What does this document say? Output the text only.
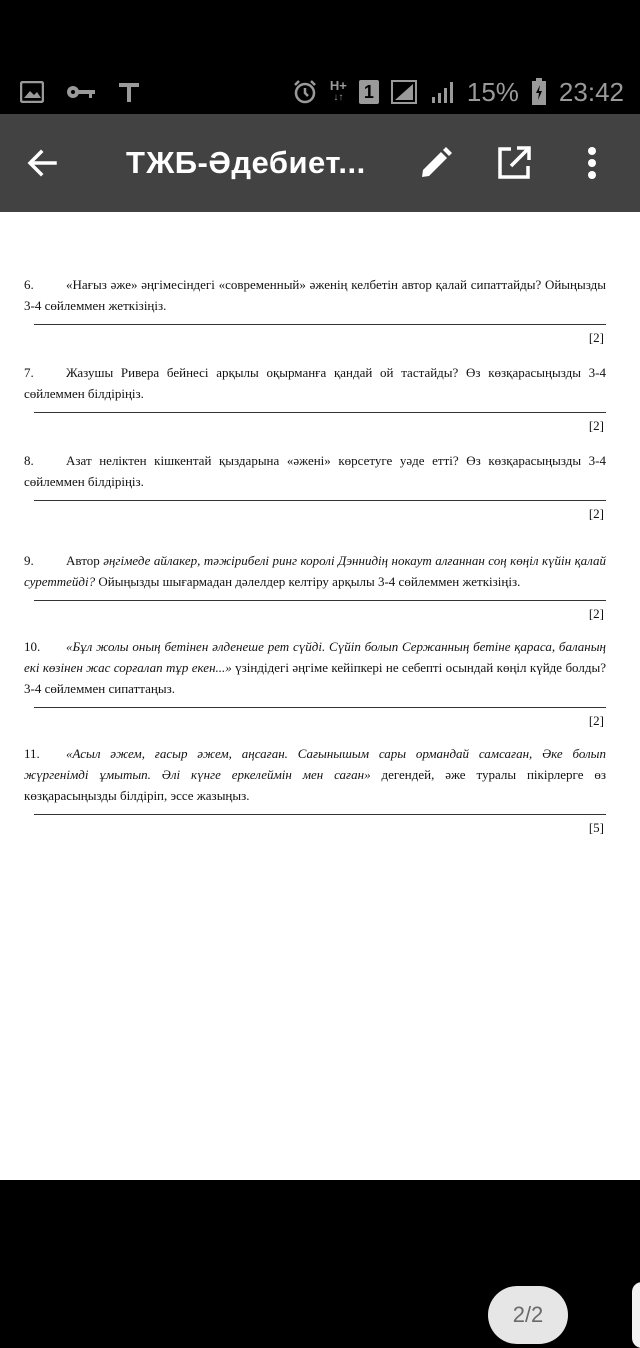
H+
↓↑ 1	15% 23:42
ТЖБ-Әдебиет...

6. «Нағыз әже» әңгімесіндегі «современный» әженің келбетін автор қалай сипаттайды? Ойыңызды 3-4 сөйлеммен жеткізіңіз.

[2]

7. Жазушы Ривера бейнесі арқылы оқырманға қандай ой тастайды? Өз көзқарасыңызды 3-4 сөйлеммен білдіріңіз.

[2]

8. Азат неліктен кішкентай қыздарына «әжені» көрсетуге уәде етті? Өз көзқарасыңызды 3-4 сөйлеммен білдіріңіз.

[2]

9. Автор әңгімеде айлакер, тәжірибелі ринг королі Дэннидің нокаут алғаннан соң көңіл күйін қалай суреттейді? Ойыңызды шығармадан дәлелдер келтіру арқылы 3-4 сөйлеммен жеткізіңіз.

[2]

10. «Бұл жолы оның бетінен әлденеше рет сүйді. Сүйіп болып Сержанның бетіне қараса, баланың екі көзінен жас сорғалап тұр екен...» үзіндідегі әңгіме кейіпкері не себепті осындай көңіл күйде болды? 3-4 сөйлеммен сипаттаңыз.

[2]

11. «Асыл әжем, ғасыр әжем, аңсаған. Сағынышым сары ормандай самсаған, Әке болып жүргенімді ұмытып. Әлі күнге еркелеймін мен саған» дегендей, әже туралы пікірлерге өз көзқарасыңызды білдіріп, эссе жазыңыз.

[5]
2/2
